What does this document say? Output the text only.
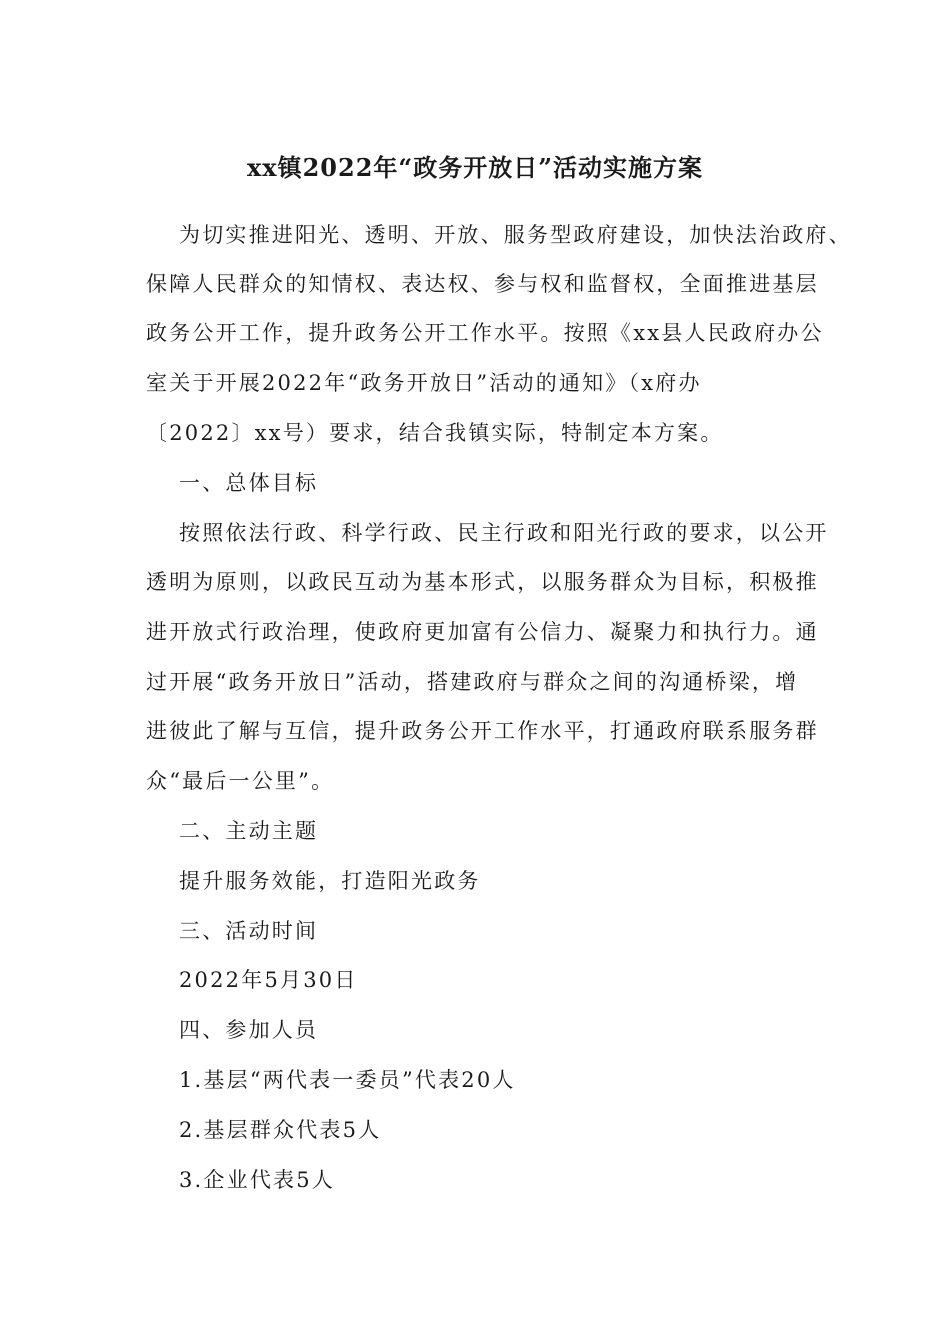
xx镇2022年“政务开放日”活动实施方案
为切实推进阳光、透明、开放、服务型政府建设，加快法治政府、
保障人民群众的知情权、表达权、参与权和监督权，全面推进基层
政务公开工作，提升政务公开工作水平。按照《xx县人民政府办公
室关于开展2022年“政务开放日”活动的通知》（x府办
〔2022〕xx号）要求，结合我镇实际，特制定本方案。
一、总体目标
按照依法行政、科学行政、民主行政和阳光行政的要求，以公开
透明为原则，以政民互动为基本形式，以服务群众为目标，积极推
进开放式行政治理，使政府更加富有公信力、凝聚力和执行力。通
过开展“政务开放日”活动，搭建政府与群众之间的沟通桥梁，增
进彼此了解与互信，提升政务公开工作水平，打通政府联系服务群
众“最后一公里”。
二、主动主题
提升服务效能，打造阳光政务
三、活动时间
2022年5月30日
四、参加人员
1.基层“两代表一委员”代表20人
2.基层群众代表5人
3.企业代表5人
